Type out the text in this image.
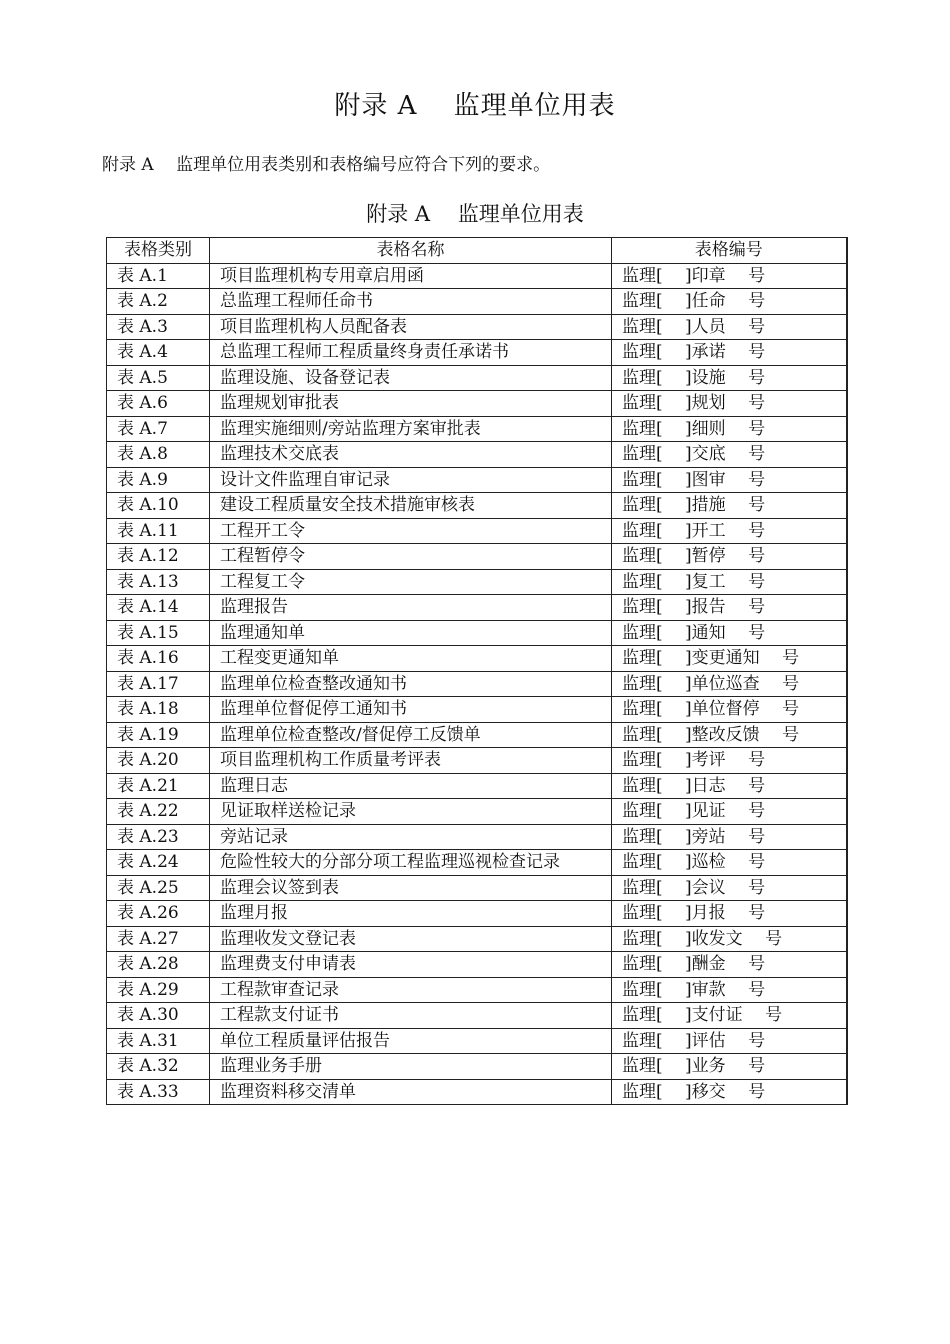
附录 A　 监理单位用表

附录 A　 监理单位用表类别和表格编号应符合下列的要求。

附录 A　 监理单位用表
表格类别	表格名称	表格编号
表 A.1	项目监理机构专用章启用函	监理[　 ]印章　 号
表 A.2	总监理工程师任命书	监理[　 ]任命　 号
表 A.3	项目监理机构人员配备表	监理[　 ]人员　 号
表 A.4	总监理工程师工程质量终身责任承诺书	监理[　 ]承诺　 号
表 A.5	监理设施、设备登记表	监理[　 ]设施　 号
表 A.6	监理规划审批表	监理[　 ]规划　 号
表 A.7	监理实施细则/旁站监理方案审批表	监理[　 ]细则　 号
表 A.8	监理技术交底表	监理[　 ]交底　 号
表 A.9	设计文件监理自审记录	监理[　 ]图审　 号
表 A.10	建设工程质量安全技术措施审核表	监理[　 ]措施　 号
表 A.11	工程开工令	监理[　 ]开工　 号
表 A.12	工程暂停令	监理[　 ]暂停　 号
表 A.13	工程复工令	监理[　 ]复工　 号
表 A.14	监理报告	监理[　 ]报告　 号
表 A.15	监理通知单	监理[　 ]通知　 号
表 A.16	工程变更通知单	监理[　 ]变更通知　 号
表 A.17	监理单位检查整改通知书	监理[　 ]单位巡查　 号
表 A.18	监理单位督促停工通知书	监理[　 ]单位督停　 号
表 A.19	监理单位检查整改/督促停工反馈单	监理[　 ]整改反馈　 号
表 A.20	项目监理机构工作质量考评表	监理[　 ]考评　 号
表 A.21	监理日志	监理[　 ]日志　 号
表 A.22	见证取样送检记录	监理[　 ]见证　 号
表 A.23	旁站记录	监理[　 ]旁站　 号
表 A.24	危险性较大的分部分项工程监理巡视检查记录	监理[　 ]巡检　 号
表 A.25	监理会议签到表	监理[　 ]会议　 号
表 A.26	监理月报	监理[　 ]月报　 号
表 A.27	监理收发文登记表	监理[　 ]收发文　 号
表 A.28	监理费支付申请表	监理[　 ]酬金　 号
表 A.29	工程款审查记录	监理[　 ]审款　 号
表 A.30	工程款支付证书	监理[　 ]支付证　 号
表 A.31	单位工程质量评估报告	监理[　 ]评估　 号
表 A.32	监理业务手册	监理[　 ]业务　 号
表 A.33	监理资料移交清单	监理[　 ]移交　 号
